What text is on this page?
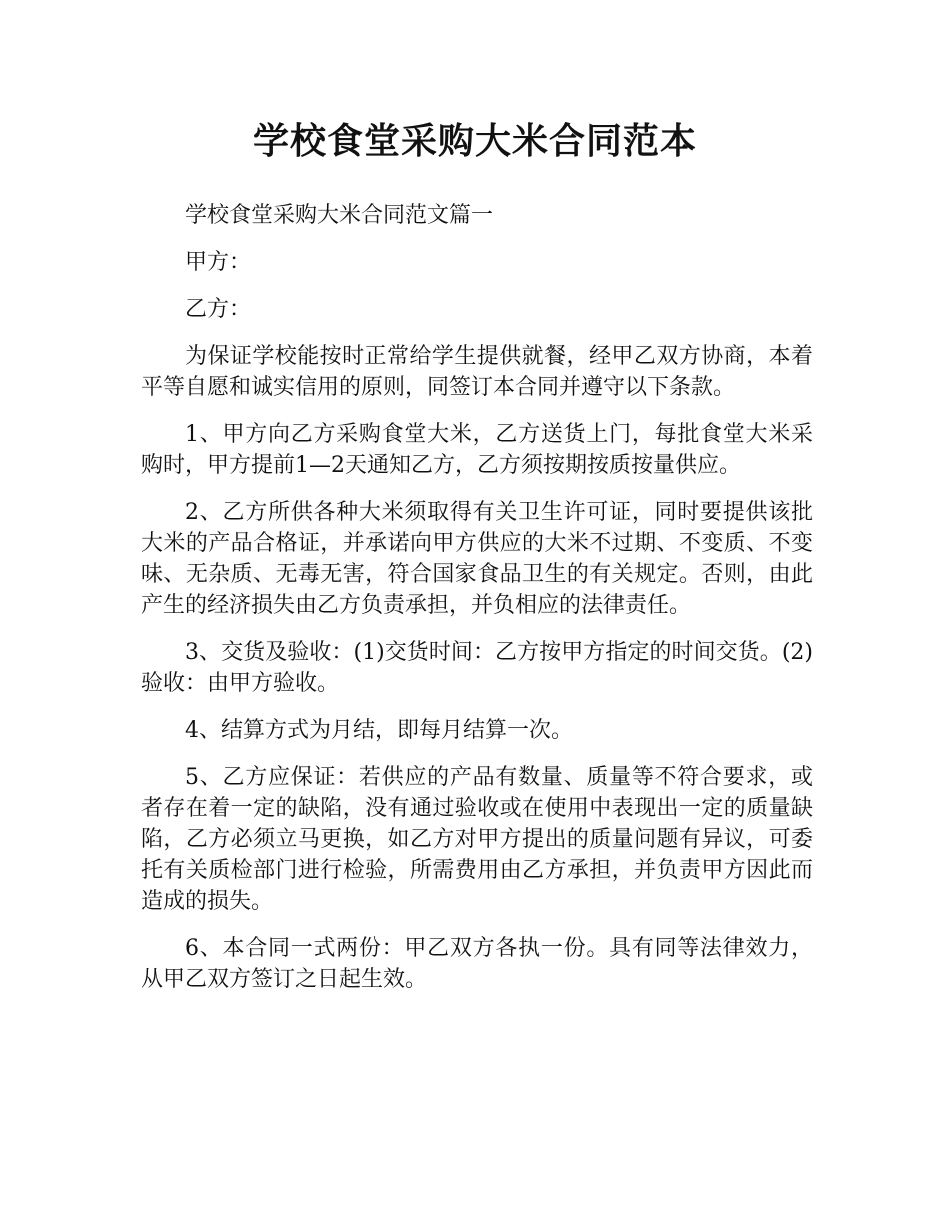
学校食堂采购大米合同范本

学校食堂采购大米合同范文篇一

甲方：

乙方：

为保证学校能按时正常给学生提供就餐，经甲乙双方协商，本着平等自愿和诚实信用的原则，同签订本合同并遵守以下条款。

1、甲方向乙方采购食堂大米，乙方送货上门，每批食堂大米采购时，甲方提前1—2天通知乙方，乙方须按期按质按量供应。

2、乙方所供各种大米须取得有关卫生许可证，同时要提供该批大米的产品合格证，并承诺向甲方供应的大米不过期、不变质、不变味、无杂质、无毒无害，符合国家食品卫生的有关规定。否则，由此产生的经济损失由乙方负责承担，并负相应的法律责任。

3、交货及验收：(1)交货时间：乙方按甲方指定的时间交货。(2)验收：由甲方验收。

4、结算方式为月结，即每月结算一次。

5、乙方应保证：若供应的产品有数量、质量等不符合要求，或者存在着一定的缺陷，没有通过验收或在使用中表现出一定的质量缺陷，乙方必须立马更换，如乙方对甲方提出的质量问题有异议，可委托有关质检部门进行检验，所需费用由乙方承担，并负责甲方因此而造成的损失。

6、本合同一式两份：甲乙双方各执一份。具有同等法律效力，从甲乙双方签订之日起生效。
